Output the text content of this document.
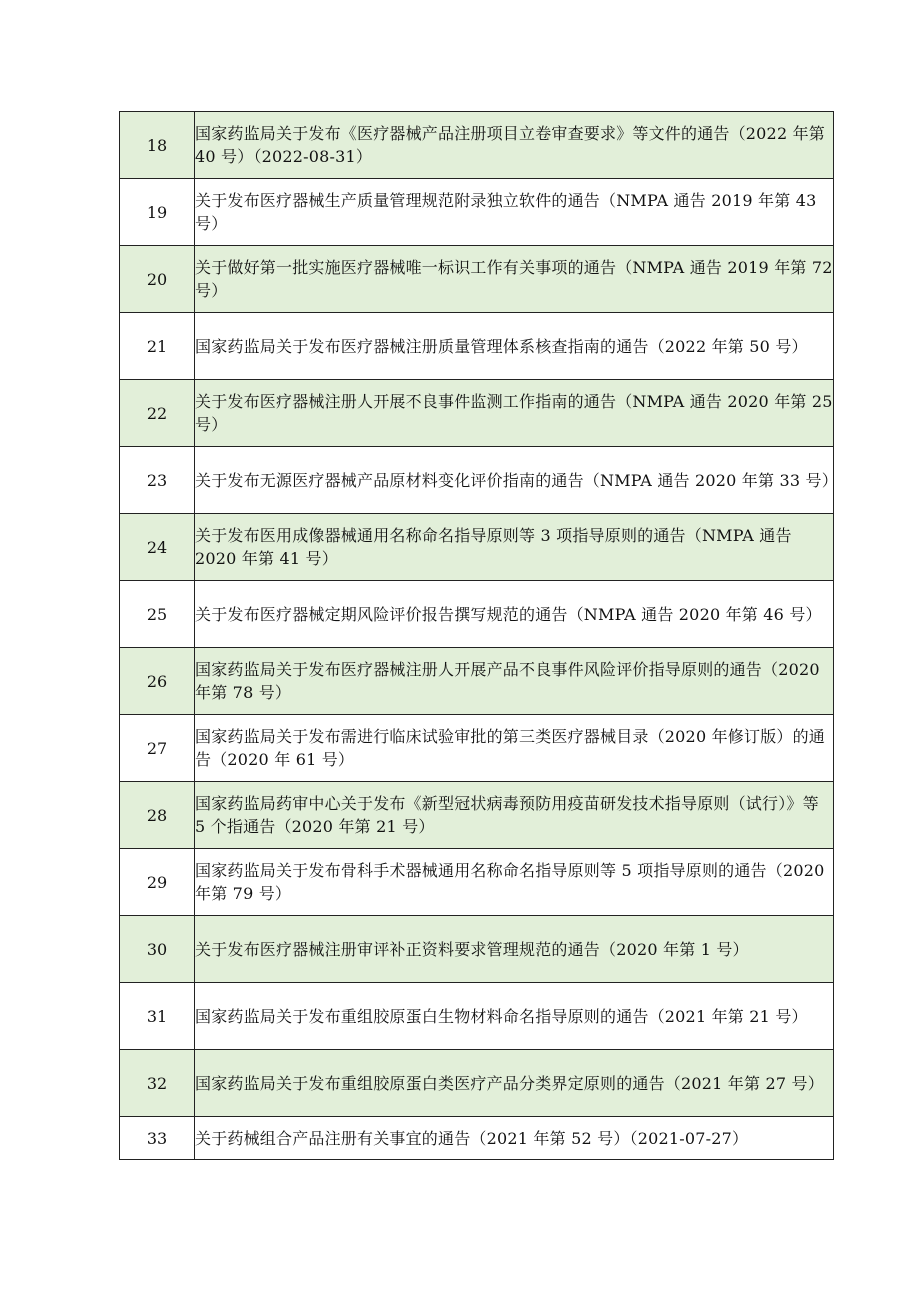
18	国家药监局关于发布《医疗器械产品注册项目立卷审查要求》等文件的通告（2022 年第 40 号）（2022-08-31）
19	关于发布医疗器械生产质量管理规范附录独立软件的通告（NMPA 通告 2019 年第 43 号）
20	关于做好第一批实施医疗器械唯一标识工作有关事项的通告（NMPA 通告 2019 年第 72 号）
21	国家药监局关于发布医疗器械注册质量管理体系核查指南的通告（2022 年第 50 号）
22	关于发布医疗器械注册人开展不良事件监测工作指南的通告（NMPA 通告 2020 年第 25 号）
23	关于发布无源医疗器械产品原材料变化评价指南的通告（NMPA 通告 2020 年第 33 号）
24	关于发布医用成像器械通用名称命名指导原则等 3 项指导原则的通告（NMPA 通告 2020 年第 41 号）
25	关于发布医疗器械定期风险评价报告撰写规范的通告（NMPA 通告 2020 年第 46 号）
26	国家药监局关于发布医疗器械注册人开展产品不良事件风险评价指导原则的通告（2020 年第 78 号）
27	国家药监局关于发布需进行临床试验审批的第三类医疗器械目录（2020 年修订版）的通告（2020 年 61 号）
28	国家药监局药审中心关于发布《新型冠状病毒预防用疫苗研发技术指导原则（试行）》等 5 个指通告（2020 年第 21 号）
29	国家药监局关于发布骨科手术器械通用名称命名指导原则等 5 项指导原则的通告（2020 年第 79 号）
30	关于发布医疗器械注册审评补正资料要求管理规范的通告（2020 年第 1 号）
31	国家药监局关于发布重组胶原蛋白生物材料命名指导原则的通告（2021 年第 21 号）
32	国家药监局关于发布重组胶原蛋白类医疗产品分类界定原则的通告（2021 年第 27 号）
33	关于药械组合产品注册有关事宜的通告（2021 年第 52 号）（2021-07-27）
